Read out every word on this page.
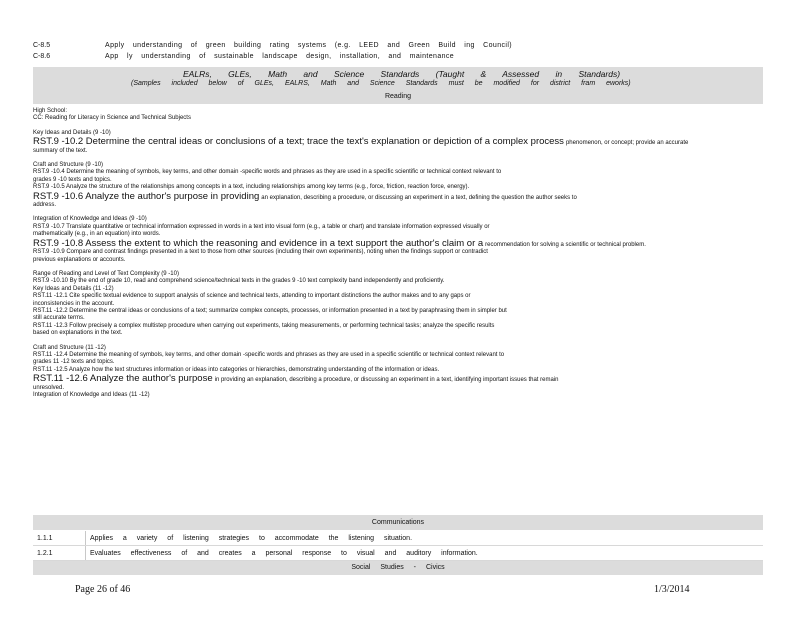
C-8.5	Apply understanding of green building rating systems (e.g. LEED and Green Build ing Council)
C-8.6	App ly understanding of sustainable landscape design, installation, and maintenance
EALRs, GLEs, Math and Science Standards (Taught & Assessed in Standards)
(Samples included below of GLEs, EALRS, Math and Science Standards must be modified for district fram eworks)
Reading

High School:

CC: Reading for Literacy in Science and Technical Subjects

Key Ideas and Details (9 -10)

RST.9 -10.2 Determine the central ideas or conclusions of a text; trace the text's explanation or depiction of a complex process phenomenon, or concept; provide an accurate

summary of the text.

Craft and Structure (9 -10)

RST.9 -10.4 Determine the meaning of symbols, key terms, and other domain -specific words and phrases as they are used in a specific scientific or technical context relevant to

grades 9 -10 texts and topics.

RST.9 -10.5 Analyze the structure of the relationships among concepts in a text, including relationships among key terms (e.g., force, friction, reaction force, energy).

RST.9 -10.6 Analyze the author's purpose in providing an explanation, describing a procedure, or discussing an experiment in a text, defining the question the author seeks to

address.

Integration of Knowledge and Ideas (9 -10)

RST.9 -10.7 Translate quantitative or technical information expressed in words in a text into visual form (e.g., a table or chart) and translate information expressed visually or

mathematically (e.g., in an equation) into words.

RST.9 -10.8 Assess the extent to which the reasoning and evidence in a text support the author's claim or a recommendation for solving a scientific or technical problem.

RST.9 -10.9 Compare and contrast findings presented in a text to those from other sources (including their own experiments), noting when the findings support or contradict

previous explanations or accounts.

Range of Reading and Level of Text Complexity (9 -10)

RST.9 -10.10 By the end of grade 10, read and comprehend science/technical texts in the grades 9 -10 text complexity band independently and proficiently.

Key Ideas and Details (11 -12)

RST.11 -12.1 Cite specific textual evidence to support analysis of science and technical texts, attending to important distinctions the author makes and to any gaps or

inconsistencies in the account.

RST.11 -12.2 Determine the central ideas or conclusions of a text; summarize complex concepts, processes, or information presented in a text by paraphrasing them in simpler but

still accurate terms.

RST.11 -12.3 Follow precisely a complex multistep procedure when carrying out experiments, taking measurements, or performing technical tasks; analyze the specific results

based on explanations in the text.

Craft and Structure (11 -12)

RST.11 -12.4 Determine the meaning of symbols, key terms, and other domain -specific words and phrases as they are used in a specific scientific or technical context relevant to

grades 11 -12 texts and topics.

RST.11 -12.5 Analyze how the text structures information or ideas into categories or hierarchies, demonstrating understanding of the information or ideas.

RST.11 -12.6 Analyze the author's purpose in providing an explanation, describing a procedure, or discussing an experiment in a text, identifying important issues that remain

unresolved.

Integration of Knowledge and Ideas (11 -12)

Communications
1.1.1	Applies a variety of listening strategies to accommodate the listening situation.
1.2.1	Evaluates effectiveness of and creates a personal response to visual and auditory information.
Social Studies - Civics
Page 26 of 46	1/3/2014
